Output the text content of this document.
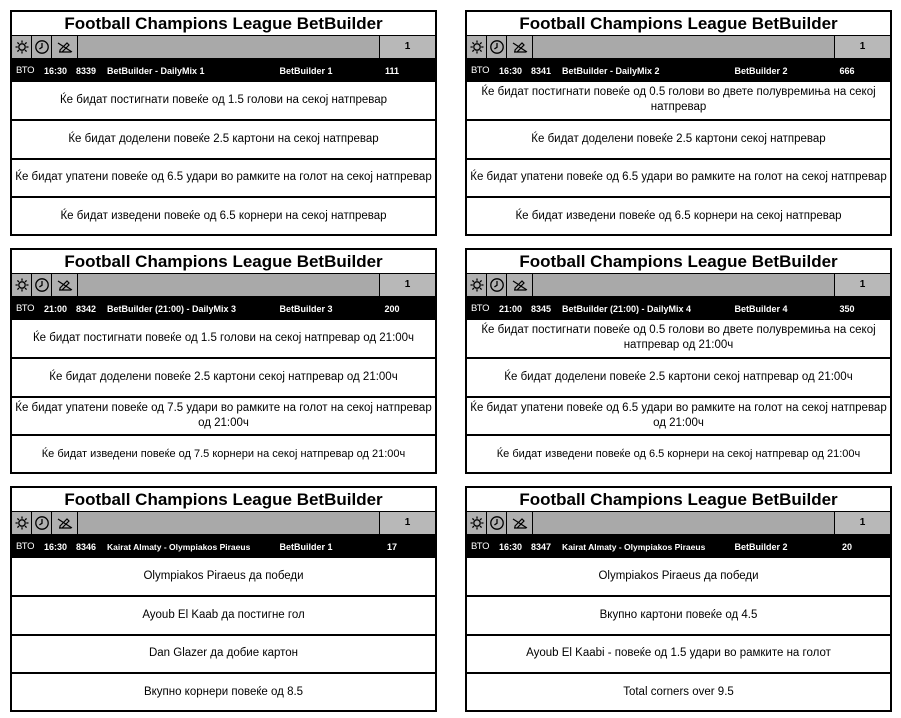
Football Champions League BetBuilder
1
ВТО	16:30 8339	BetBuilder - DailyMix 1	BetBuilder 1	111
Ќе бидат постигнати повеќе од 1.5 голови на секој натпревар
Ќе бидат доделени повеќе 2.5 картони на секој натпревар
Ќе бидат упатени повеќе од 6.5 удари во рамките на голот на секој натпревар
Ќе бидат изведени повеќе од 6.5 корнери на секој натпревар
Football Champions League BetBuilder
1
ВТО	16:30 8341	BetBuilder - DailyMix 2	BetBuilder 2	666
Ќе бидат постигнати повеќе од 0.5 голови во двете полувремиња на секој натпревар
Ќе бидат доделени повеќе 2.5 картони секој натпревар
Ќе бидат упатени повеќе од 6.5 удари во рамките на голот на секој натпревар
Ќе бидат изведени повеќе од 6.5 корнери на секој натпревар
Football Champions League BetBuilder
1
ВТО	21:00 8342	BetBuilder (21:00) - DailyMix 3	BetBuilder 3	200
Ќе бидат постигнати повеќе од 1.5 голови на секој натпревар од 21:00ч
Ќе бидат доделени повеќе 2.5 картони секој натпревар од 21:00ч
Ќе бидат упатени повеќе од 7.5 удари во рамките на голот на секој натпревар од 21:00ч
Ќе бидат изведени повеќе од 7.5 корнери на секој натпревар од 21:00ч
Football Champions League BetBuilder
1
ВТО	21:00 8345	BetBuilder (21:00) - DailyMix 4	BetBuilder 4	350
Ќе бидат постигнати повеќе од 0.5 голови во двете полувремиња на секој натпревар од 21:00ч
Ќе бидат доделени повеќе 2.5 картони секој натпревар од 21:00ч
Ќе бидат упатени повеќе од 6.5 удари во рамките на голот на секој натпревар од 21:00ч
Ќе бидат изведени повеќе од 6.5 корнери на секој натпревар од 21:00ч
Football Champions League BetBuilder
1
ВТО	16:30 8346	Kairat Almaty - Olympiakos Piraeus	BetBuilder 1	17
Olympiakos Piraeus да победи
Ayoub El Kaab да постигне гол
Dan Glazer да добие картон
Вкупно корнери повеќе од 8.5
Football Champions League BetBuilder
1
ВТО	16:30 8347	Kairat Almaty - Olympiakos Piraeus	BetBuilder 2	20
Olympiakos Piraeus да победи
Вкупно картони повеќе од 4.5
Ayoub El Kaabi - повеќе од 1.5 удари во рамките на голот
Total corners over 9.5
